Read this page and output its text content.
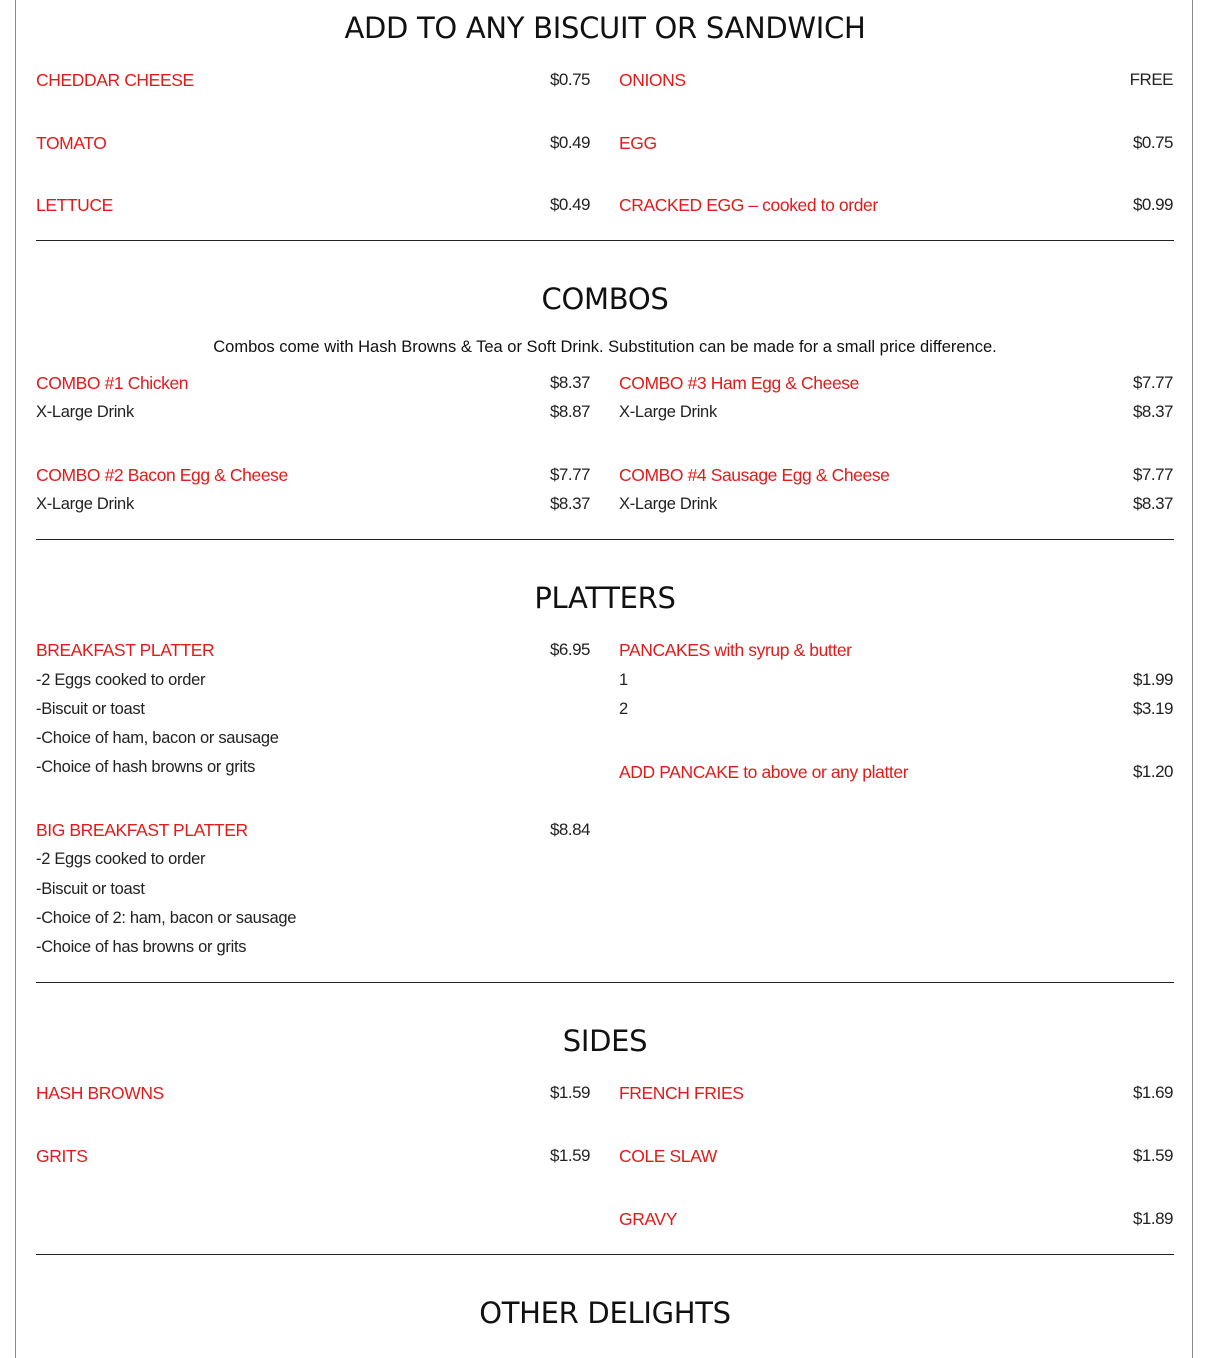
ADD TO ANY BISCUIT OR SANDWICH
CHEDDAR CHEESE	$0.75
TOMATO	$0.49
LETTUCE	$0.49
ONIONS	FREE
EGG	$0.75
CRACKED EGG – cooked to order	$0.99
COMBOS
Combos come with Hash Browns & Tea or Soft Drink. Substitution can be made for a small price difference.
COMBO #1 Chicken	$8.37
X-Large Drink	$8.87
COMBO #2 Bacon Egg & Cheese	$7.77
X-Large Drink	$8.37
COMBO #3 Ham Egg & Cheese	$7.77
X-Large Drink	$8.37
COMBO #4 Sausage Egg & Cheese	$7.77
X-Large Drink	$8.37
PLATTERS
BREAKFAST PLATTER	$6.95
-2 Eggs cooked to order
-Biscuit or toast
-Choice of ham, bacon or sausage
-Choice of hash browns or grits
BIG BREAKFAST PLATTER	$8.84
-2 Eggs cooked to order
-Biscuit or toast
-Choice of 2: ham, bacon or sausage
-Choice of has browns or grits
PANCAKES with syrup & butter
1	$1.99
2	$3.19
ADD PANCAKE to above or any platter	$1.20
SIDES
HASH BROWNS	$1.59
GRITS	$1.59
FRENCH FRIES	$1.69
COLE SLAW	$1.59
GRAVY	$1.89
OTHER DELIGHTS
